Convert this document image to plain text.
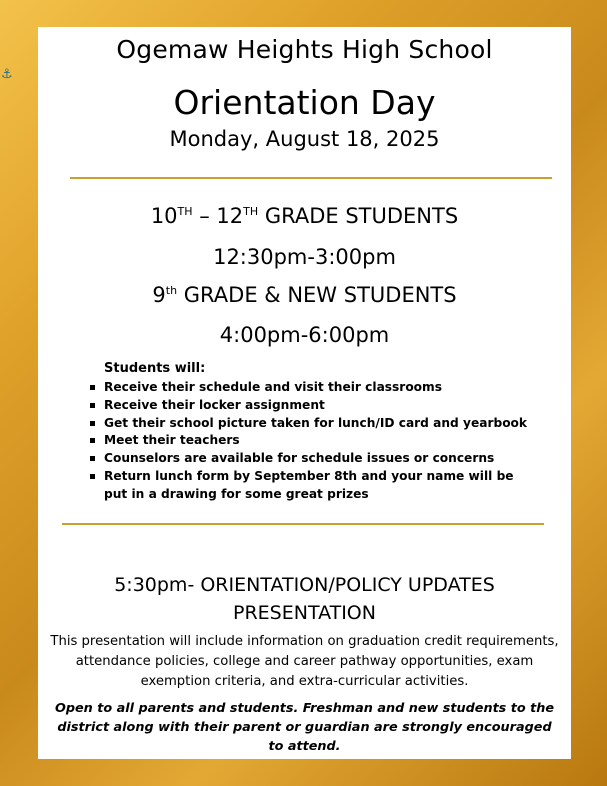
⚓
Ogemaw Heights High School
Orientation Day
Monday, August 18, 2025
10TH – 12TH GRADE STUDENTS
12:30pm-3:00pm
9th GRADE & NEW STUDENTS
4:00pm-6:00pm
Students will:
Receive their schedule and visit their classrooms
Receive their locker assignment
Get their school picture taken for lunch/ID card and yearbook
Meet their teachers
Counselors are available for schedule issues or concerns
Return lunch form by September 8th and your name will be put in a drawing for some great prizes
5:30pm- ORIENTATION/POLICY UPDATES
PRESENTATION
This presentation will include information on graduation credit requirements, attendance policies, college and career pathway opportunities, exam exemption criteria, and extra-curricular activities.
Open to all parents and students. Freshman and new students to the district along with their parent or guardian are strongly encouraged to attend.
